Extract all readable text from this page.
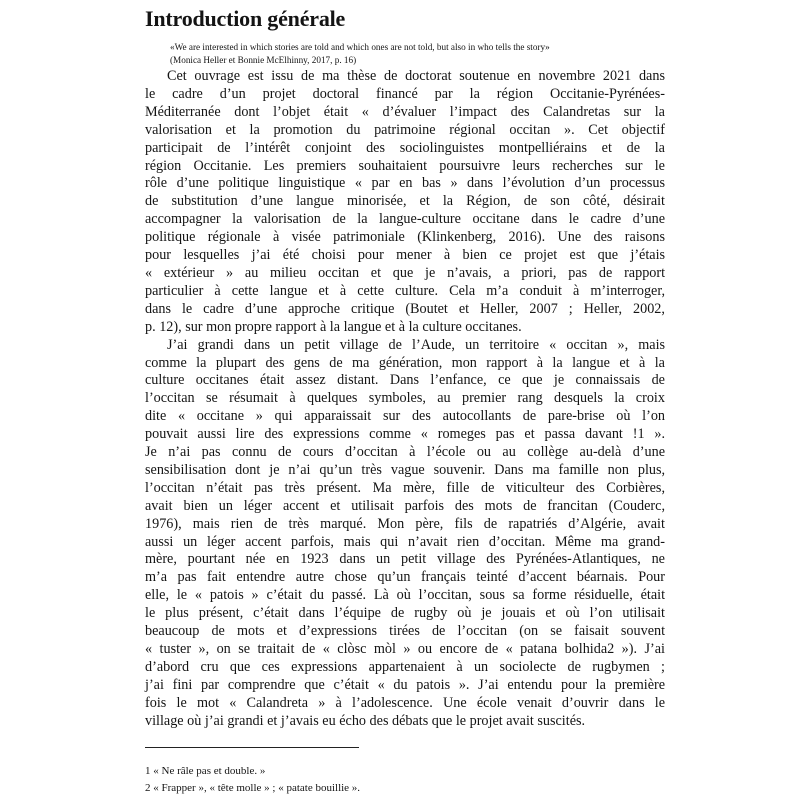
Introduction générale
«We are interested in which stories are told and which ones are not told, but also in who tells the story»
(Monica Heller et Bonnie McElhinny, 2017, p. 16)
Cet ouvrage est issu de ma thèse de doctorat soutenue en novembre 2021 dans
le cadre d’un projet doctoral financé par la région Occitanie-Pyrénées-
Méditerranée dont l’objet était « d’évaluer l’impact des Calandretas sur la
valorisation et la promotion du patrimoine régional occitan ». Cet objectif
participait de l’intérêt conjoint des sociolinguistes montpelliérains et de la
région Occitanie. Les premiers souhaitaient poursuivre leurs recherches sur le
rôle d’une politique linguistique « par en bas » dans l’évolution d’un processus
de substitution d’une langue minorisée, et la Région, de son côté, désirait
accompagner la valorisation de la langue-culture occitane dans le cadre d’une
politique régionale à visée patrimoniale (Klinkenberg, 2016). Une des raisons
pour lesquelles j’ai été choisi pour mener à bien ce projet est que j’étais
« extérieur » au milieu occitan et que je n’avais, a priori, pas de rapport
particulier à cette langue et à cette culture. Cela m’a conduit à m’interroger,
dans le cadre d’une approche critique (Boutet et Heller, 2007 ; Heller, 2002,
p. 12), sur mon propre rapport à la langue et à la culture occitanes.
J’ai grandi dans un petit village de l’Aude, un territoire « occitan », mais
comme la plupart des gens de ma génération, mon rapport à la langue et à la
culture occitanes était assez distant. Dans l’enfance, ce que je connaissais de
l’occitan se résumait à quelques symboles, au premier rang desquels la croix
dite « occitane » qui apparaissait sur des autocollants de pare-brise où l’on
pouvait aussi lire des expressions comme « romeges pas et passa davant !1 ».
Je n’ai pas connu de cours d’occitan à l’école ou au collège au-delà d’une
sensibilisation dont je n’ai qu’un très vague souvenir. Dans ma famille non plus,
l’occitan n’était pas très présent. Ma mère, fille de viticulteur des Corbières,
avait bien un léger accent et utilisait parfois des mots de francitan (Couderc,
1976), mais rien de très marqué. Mon père, fils de rapatriés d’Algérie, avait
aussi un léger accent parfois, mais qui n’avait rien d’occitan. Même ma grand-
mère, pourtant née en 1923 dans un petit village des Pyrénées-Atlantiques, ne
m’a pas fait entendre autre chose qu’un français teinté d’accent béarnais. Pour
elle, le « patois » c’était du passé. Là où l’occitan, sous sa forme résiduelle, était
le plus présent, c’était dans l’équipe de rugby où je jouais et où l’on utilisait
beaucoup de mots et d’expressions tirées de l’occitan (on se faisait souvent
« tuster », on se traitait de « clòsc mòl » ou encore de « patana bolhida2 »). J’ai
d’abord cru que ces expressions appartenaient à un sociolecte de rugbymen ;
j’ai fini par comprendre que c’était « du patois ». J’ai entendu pour la première
fois le mot « Calandreta » à l’adolescence. Une école venait d’ouvrir dans le
village où j’ai grandi et j’avais eu écho des débats que le projet avait suscités.
1 « Ne râle pas et double. »
2 « Frapper », « tête molle » ; « patate bouillie ».
